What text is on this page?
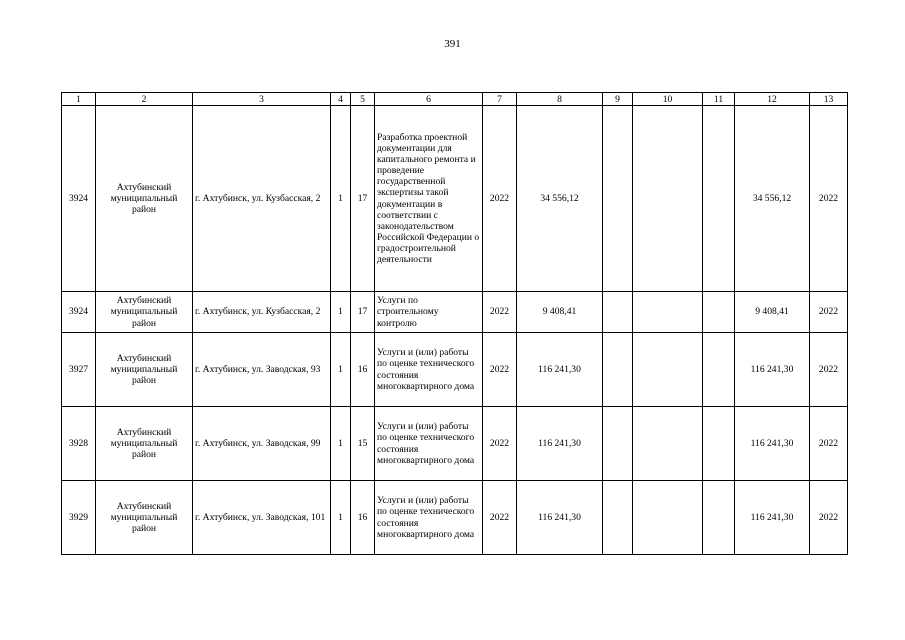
391
1	2	3	4	5	6	7	8	9	10	11	12	13
3924	Ахтубинский муниципальный район	г. Ахтубинск, ул. Кузбасская, 2	1	17	Разработка проектной документации для капитального ремонта и проведение государственной экспертизы такой документации в соответствии с законодательством Российской Федерации о градостроительной деятельности	2022	34 556,12				34 556,12	2022
3924	Ахтубинский муниципальный район	г. Ахтубинск, ул. Кузбасская, 2	1	17	Услуги по строительному контролю	2022	9 408,41				9 408,41	2022
3927	Ахтубинский муниципальный район	г. Ахтубинск, ул. Заводская, 93	1	16	Услуги и (или) работы по оценке технического состояния многоквартирного дома	2022	116 241,30				116 241,30	2022
3928	Ахтубинский муниципальный район	г. Ахтубинск, ул. Заводская, 99	1	15	Услуги и (или) работы по оценке технического состояния многоквартирного дома	2022	116 241,30				116 241,30	2022
3929	Ахтубинский муниципальный район	г. Ахтубинск, ул. Заводская, 101	1	16	Услуги и (или) работы по оценке технического состояния многоквартирного дома	2022	116 241,30				116 241,30	2022
